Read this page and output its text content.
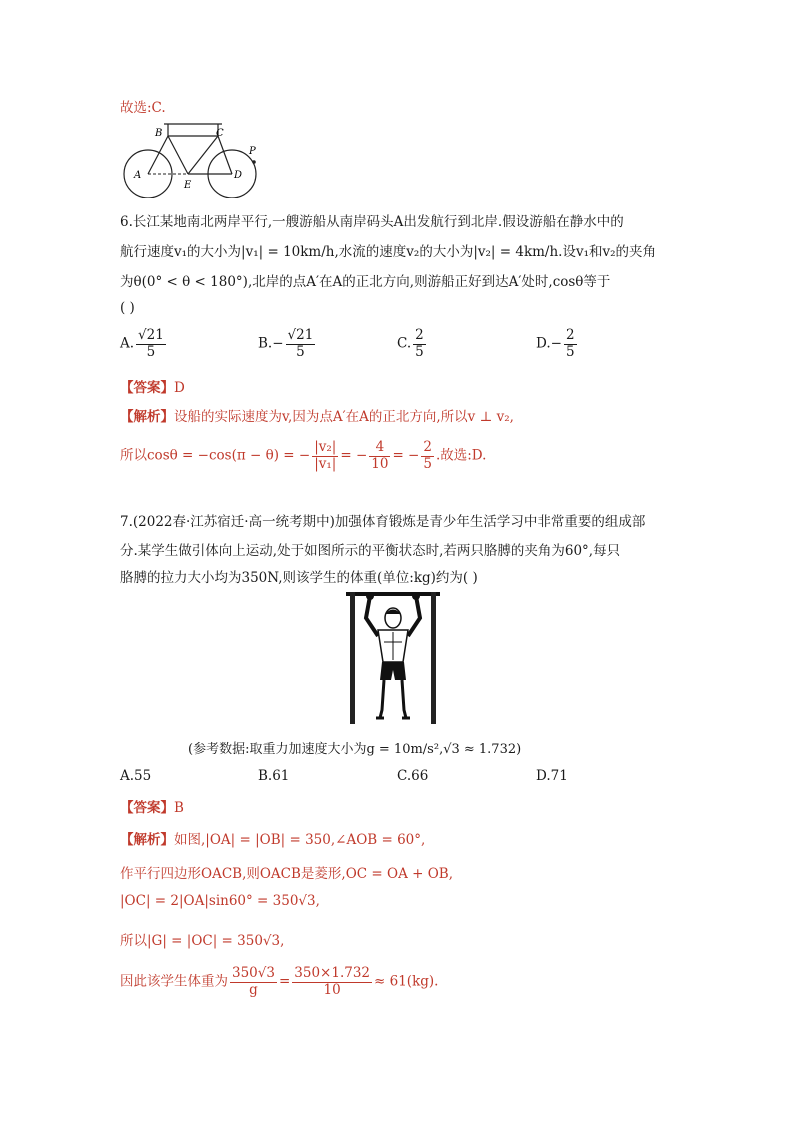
故选:C.
B	C
P
A
E
D
6.长江某地南北两岸平行,一艘游船从南岸码头A出发航行到北岸.假设游船在静水中的
航行速度v₁的大小为|v₁| = 10km/h,水流的速度v₂的大小为|v₂| = 4km/h.设v₁和v₂的夹角
为θ(0° < θ < 180°),北岸的点A′在A的正北方向,则游船正好到达A′处时,cosθ等于
( )
A. $\frac{√21}{5}$	$B.- \frac{√21}{5}$	C. $\frac{2}{5}$	$D.- \frac{2}{5}$
【答案】D
【解析】设船的实际速度为v,因为点A′在A的正北方向,所以v ⊥ v₂,
所以cosθ = −cos(π − θ) = − $\frac{\text{|v₂|}}{\text{|v₁|}}$ = − $\frac{4}{10}$ = − $\frac{2}{5}$ .故选:D.
7.(2022春·江苏宿迁·高一统考期中)加强体育锻炼是青少年生活学习中非常重要的组成部
分.某学生做引体向上运动,处于如图所示的平衡状态时,若两只胳膊的夹角为60°,每只
胳膊的拉力大小均为350N,则该学生的体重(单位:kg)约为( )
(参考数据:取重力加速度大小为g = 10m/s²,√3 ≈ 1.732)
A.55	B.61	C.66	D.71
【答案】B
【解析】如图,|OA| = |OB| = 350,∠AOB = 60°,
作平行四边形OACB,则OACB是菱形,OC = OA + OB,
|OC| = 2|OA|sin60° = 350√3,
所以|G| = |OC| = 350√3,
因此该学生体重为 $\frac{350√3}{g} = \frac{350\times 1.732}{10} \approx 61(kg)$.
